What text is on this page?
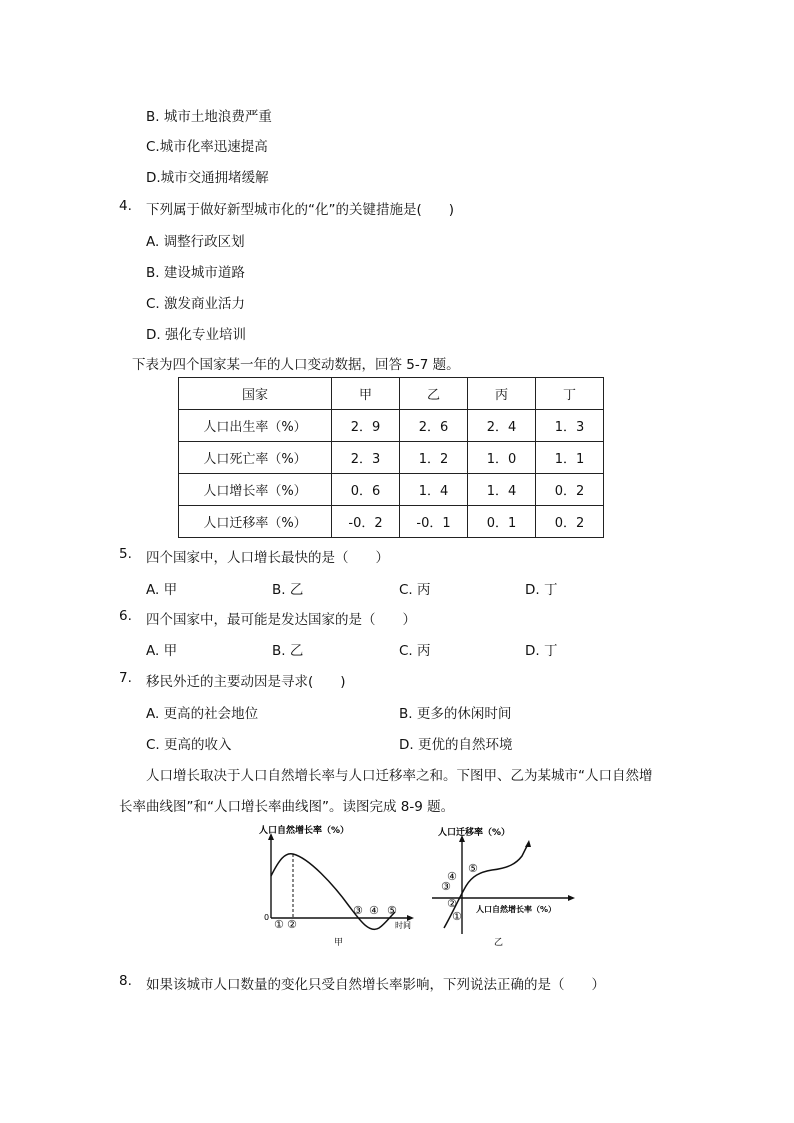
B. 城市土地浪费严重
C.城市化率迅速提高
D.城市交通拥堵缓解
4. 下列属于做好新型城市化的“化”的关键措施是(　　)
A. 调整行政区划
B. 建设城市道路
C. 激发商业活力
D. 强化专业培训
下表为四个国家某一年的人口变动数据，回答 5-7 题。
国家	甲	乙	丙	丁
人口出生率（%）	2．9	2．6	2．4	1．3
人口死亡率（%）	2．3	1．2	1．0	1．1
人口增长率（%）	0．6	1．4	1．4	0．2
人口迁移率（%）	-0．2	-0．1	0．1	0．2
5. 四个国家中，人口增长最快的是（　　）
A. 甲	B. 乙	C. 丙	D. 丁
6. 四个国家中，最可能是发达国家的是（　　）
A. 甲	B. 乙	C. 丙	D. 丁
7. 移民外迁的主要动因是寻求(　　)
A. 更高的社会地位	B. 更多的休闲时间
C. 更高的收入	D. 更优的自然环境
人口增长取决于人口自然增长率与人口迁移率之和。下图甲、乙为某城市“人口自然增
长率曲线图”和“人口增长率曲线图”。读图完成 8-9 题。
人口自然增长率（%）
0
时间
① ②
③ ④ ⑤
甲
人口迁移率（%）
人口自然增长率（%）
①
②
③
④
⑤
乙
8. 如果该城市人口数量的变化只受自然增长率影响，下列说法正确的是（　　）
